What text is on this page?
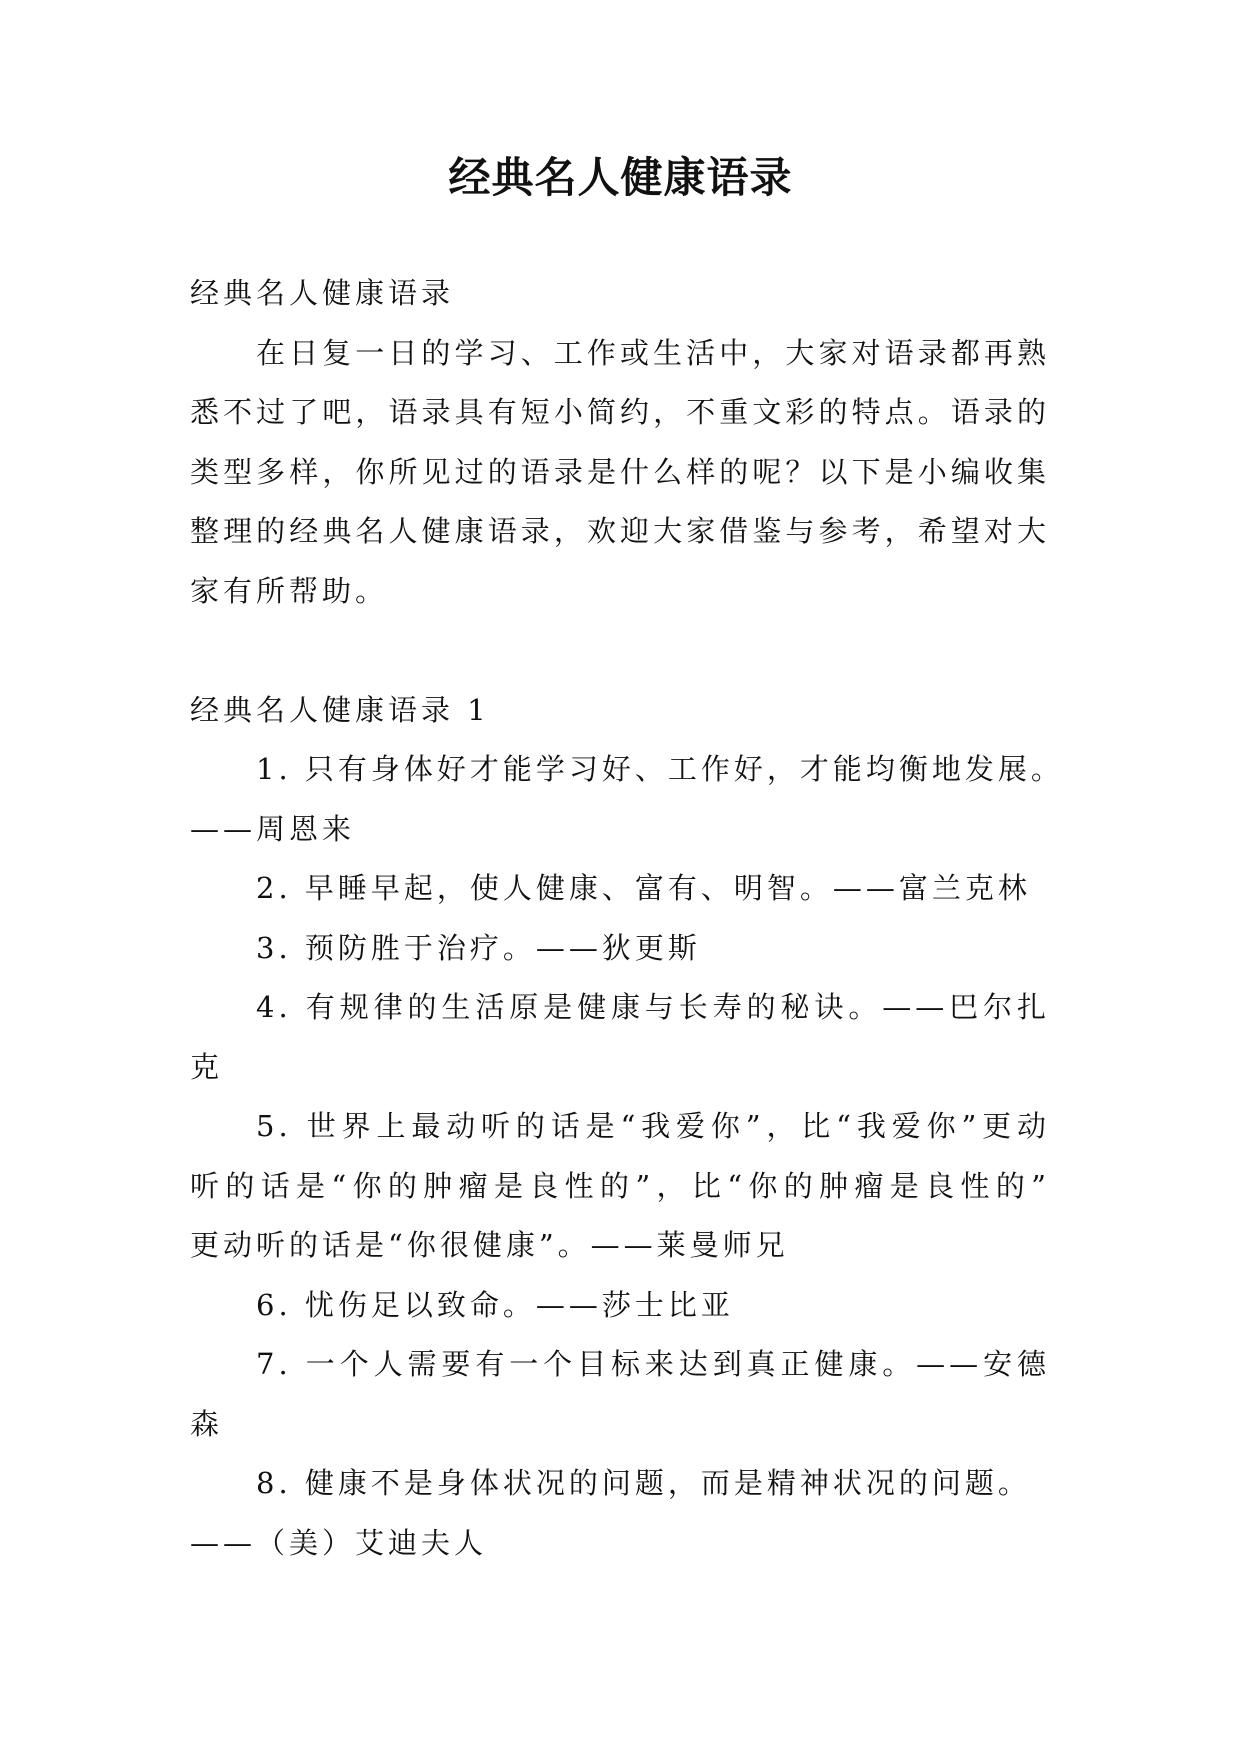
经典名人健康语录
经典名人健康语录
在日复一日的学习、工作或生活中，大家对语录都再熟
悉不过了吧，语录具有短小简约，不重文彩的特点。语录的
类型多样，你所见过的语录是什么样的呢？以下是小编收集
整理的经典名人健康语录，欢迎大家借鉴与参考，希望对大
家有所帮助。
经典名人健康语录 1
1. 只有身体好才能学习好、工作好，才能均衡地发展。
——周恩来
2. 早睡早起，使人健康、富有、明智。——富兰克林
3. 预防胜于治疗。——狄更斯
4. 有规律的生活原是健康与长寿的秘诀。——巴尔扎
克
5. 世界上最动听的话是“我爱你”，比“我爱你”更动
听的话是“你的肿瘤是良性的”，比“你的肿瘤是良性的”
更动听的话是“你很健康”。——莱曼师兄
6. 忧伤足以致命。——莎士比亚
7. 一个人需要有一个目标来达到真正健康。——安德
森
8. 健康不是身体状况的问题，而是精神状况的问题。
——（美）艾迪夫人
